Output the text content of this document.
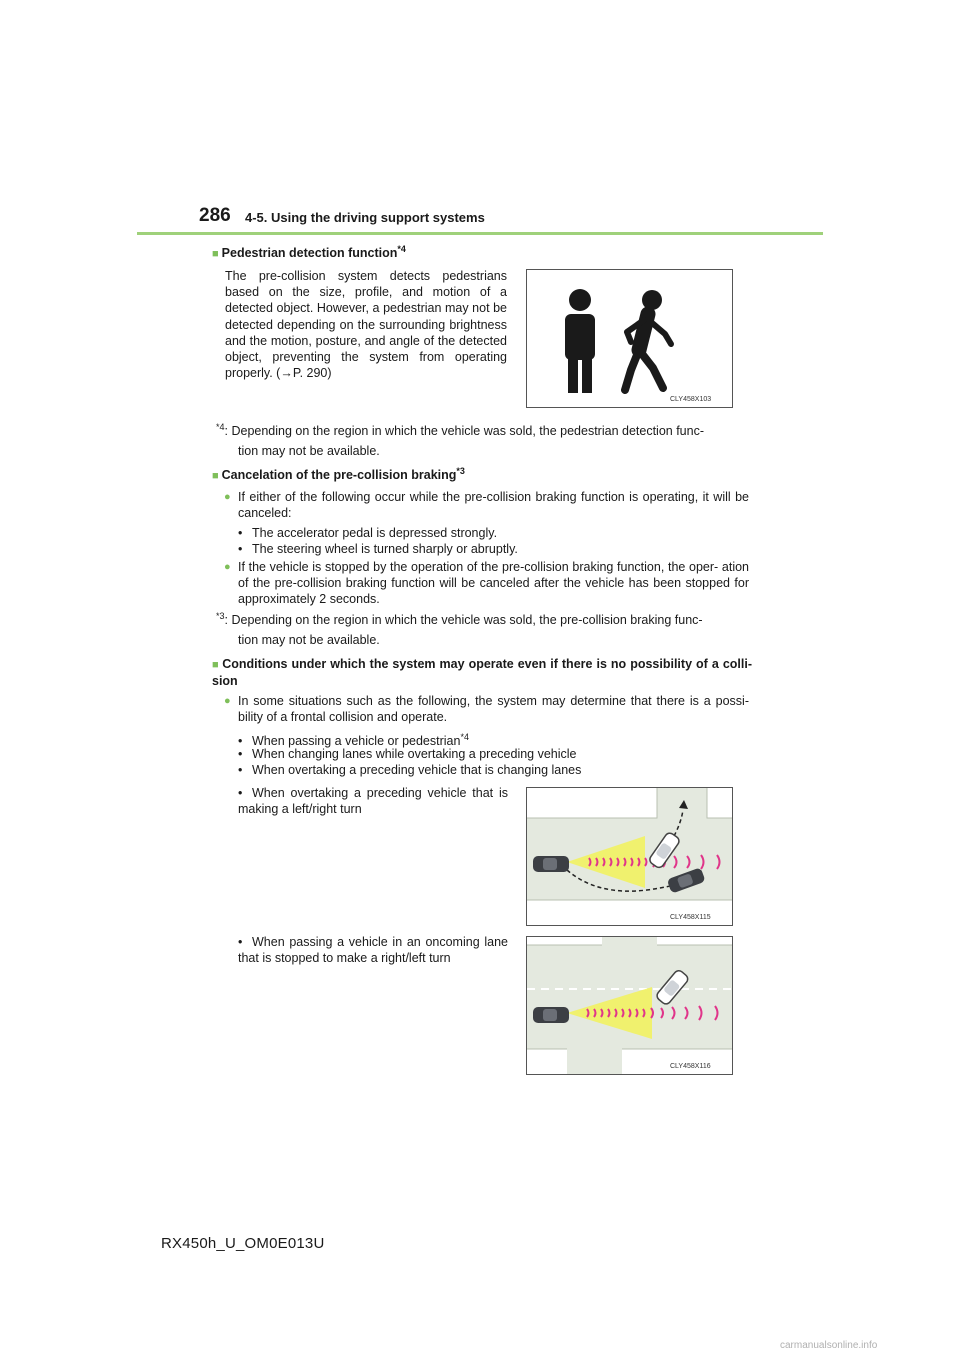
286 4-5. Using the driving support systems
■ Pedestrian detection function$^{*4}$
The pre-collision system detects pedestrians based on the size, profile, and motion of a detected object. However, a pedestrian may not be detected depending on the surrounding brightness and the motion, posture, and angle of the detected object, preventing the system from operating properly. (→P. 290)
CLY458X103
$^{*4}$: Depending on the region in which the vehicle was sold, the pedestrian detection func-
tion may not be available.
■ Cancelation of the pre-collision braking$^{*3}$
● If either of the following occur while the pre-collision braking function is operating, it will be canceled:
• The accelerator pedal is depressed strongly.
• The steering wheel is turned sharply or abruptly.
● If the vehicle is stopped by the operation of the pre-collision braking function, the oper- ation of the pre-collision braking function will be canceled after the vehicle has been stopped for approximately 2 seconds.
$^{*3}$: Depending on the region in which the vehicle was sold, the pre-collision braking func-
tion may not be available.
■ Conditions under which the system may operate even if there is no possibility of a colli- sion
● In some situations such as the following, the system may determine that there is a possi- bility of a frontal collision and operate.
• When passing a vehicle or pedestrian$^{*4}$
• When changing lanes while overtaking a preceding vehicle
• When overtaking a preceding vehicle that is changing lanes
• When overtaking a preceding vehicle that is making a left/right turn
CLY458X115
• When passing a vehicle in an oncoming lane that is stopped to make a right/left turn
CLY458X116
RX450h_U_OM0E013U
carmanualsonline.info
